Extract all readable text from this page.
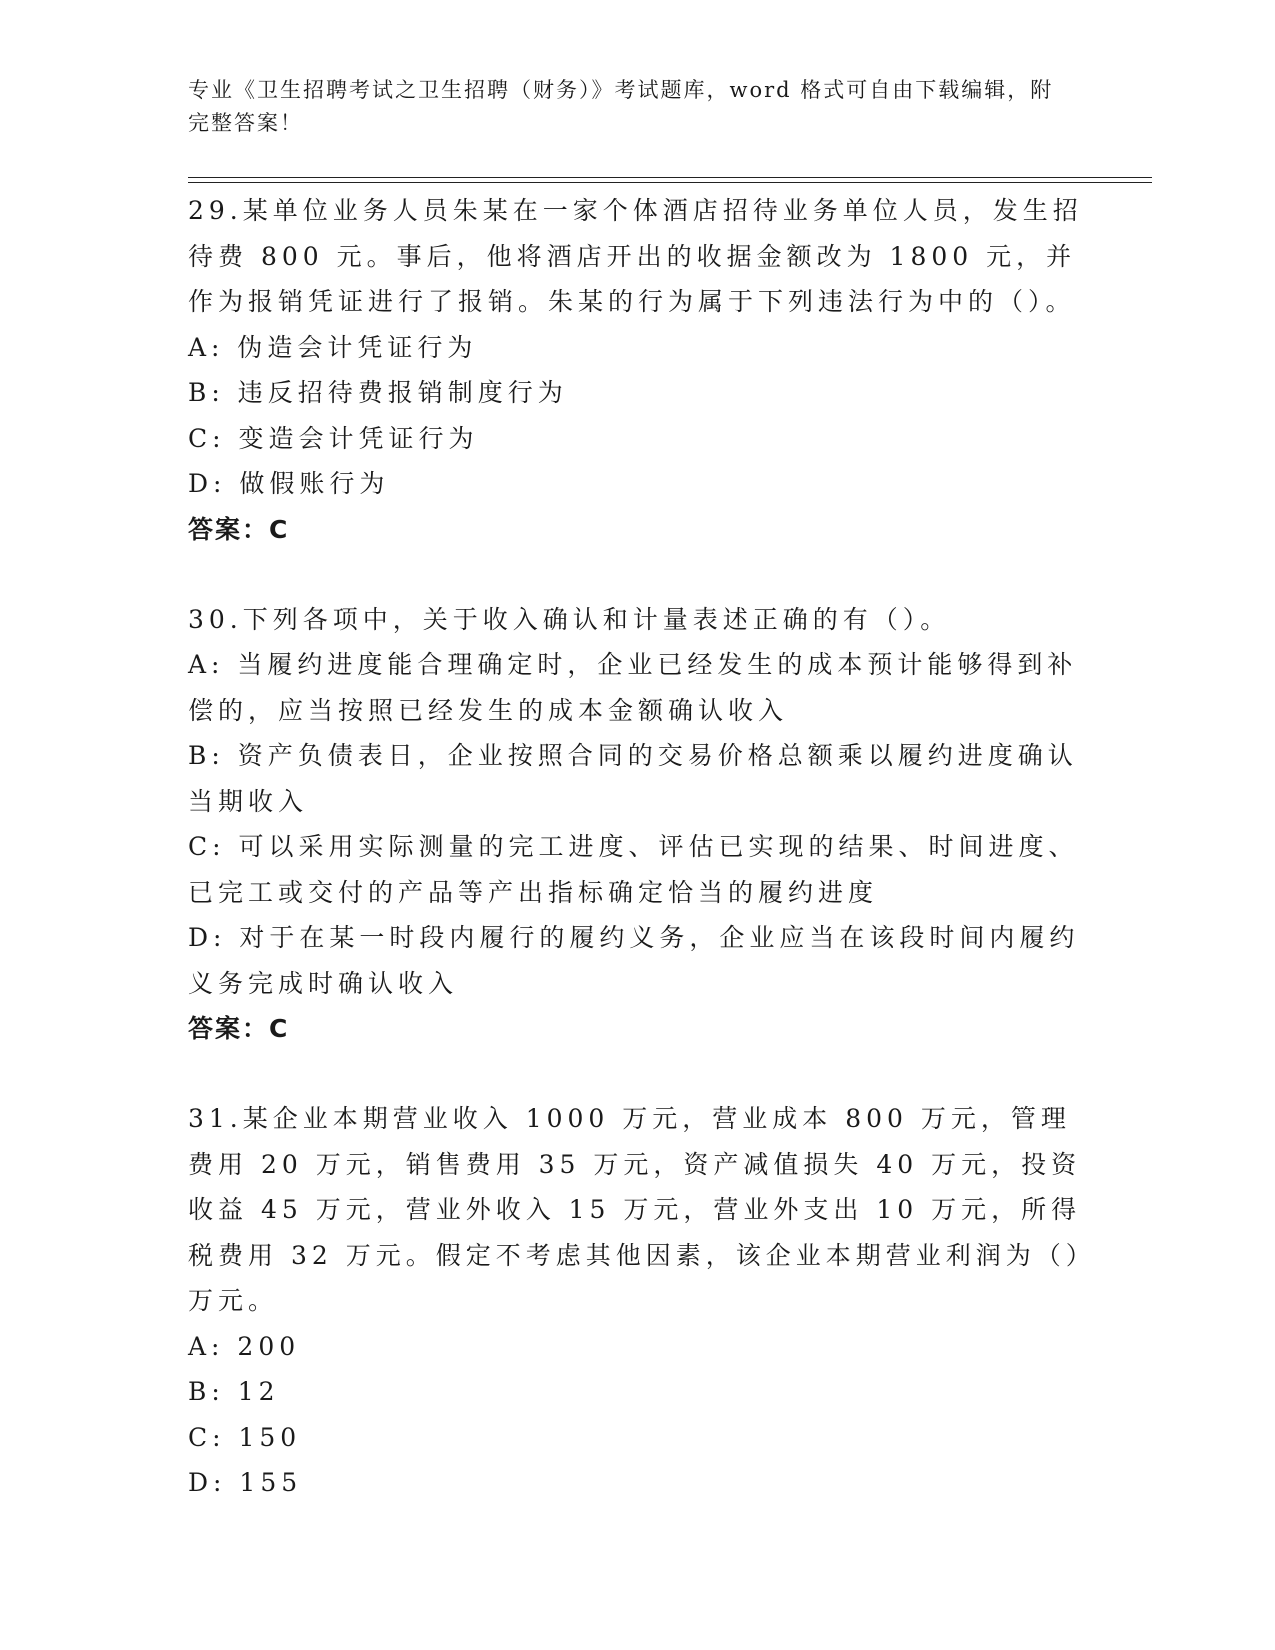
专业《卫生招聘考试之卫生招聘（财务）》考试题库，word 格式可自由下载编辑，附完整答案！

29.某单位业务人员朱某在一家个体酒店招待业务单位人员，发生招待费 800 元。事后，他将酒店开出的收据金额改为 1800 元，并作为报销凭证进行了报销。朱某的行为属于下列违法行为中的（）。

A: 伪造会计凭证行为

B: 违反招待费报销制度行为

C: 变造会计凭证行为

D: 做假账行为

答案：C

30.下列各项中，关于收入确认和计量表述正确的有（）。

A: 当履约进度能合理确定时，企业已经发生的成本预计能够得到补偿的，应当按照已经发生的成本金额确认收入

B: 资产负债表日，企业按照合同的交易价格总额乘以履约进度确认当期收入

C: 可以采用实际测量的完工进度、评估已实现的结果、时间进度、已完工或交付的产品等产出指标确定恰当的履约进度

D: 对于在某一时段内履行的履约义务，企业应当在该段时间内履约义务完成时确认收入

答案：C

31.某企业本期营业收入 1000 万元，营业成本 800 万元，管理费用 20 万元，销售费用 35 万元，资产减值损失 40 万元，投资收益 45 万元，营业外收入 15 万元，营业外支出 10 万元，所得税费用 32 万元。假定不考虑其他因素，该企业本期营业利润为（）万元。

A: 200

B: 12

C: 150

D: 155
